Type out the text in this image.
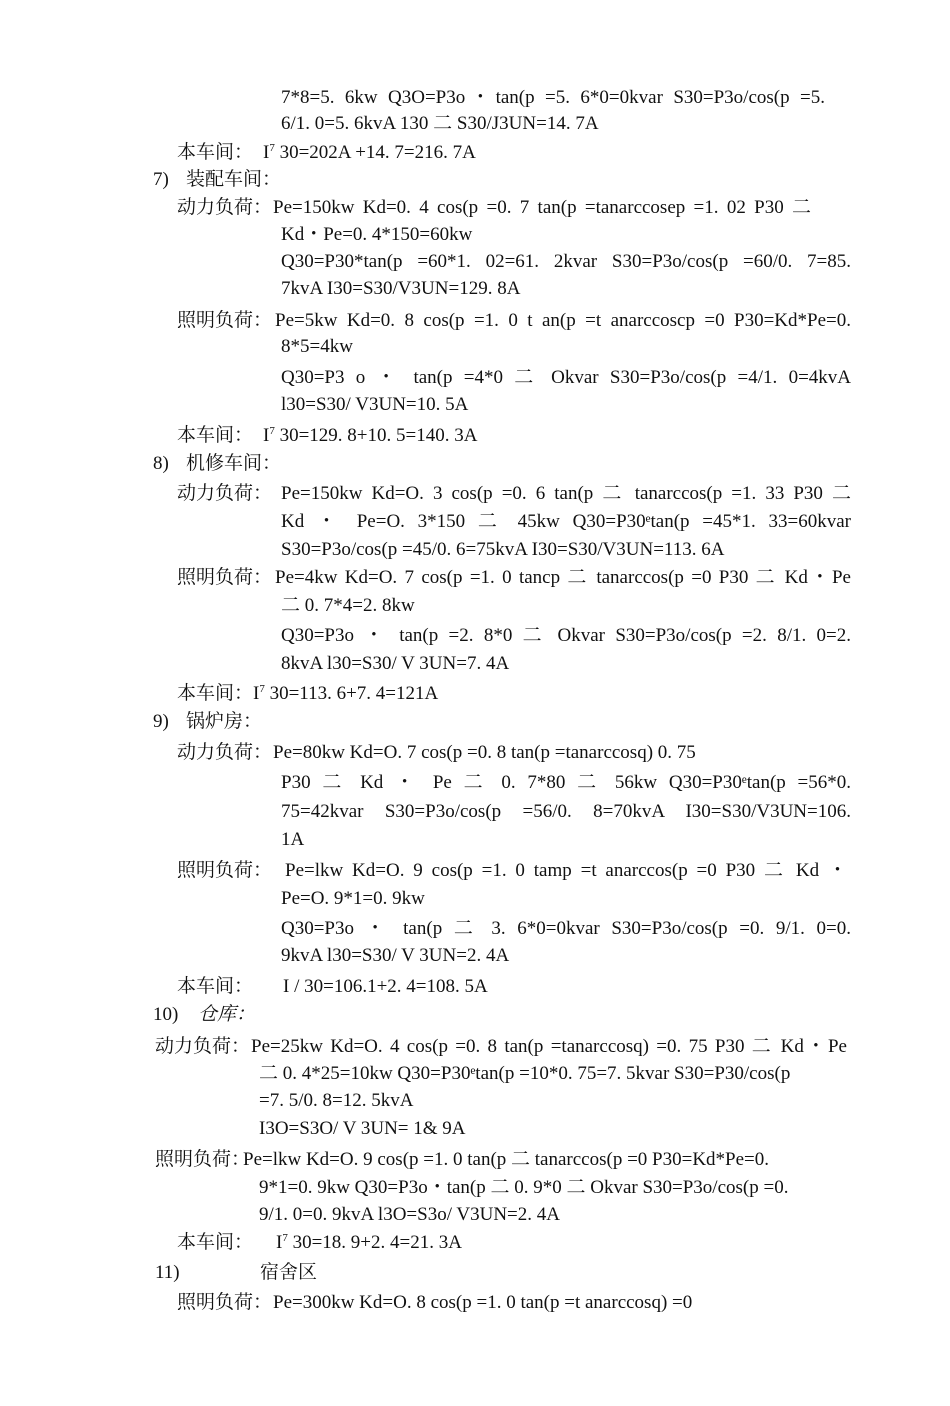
7*8=5. 6kw Q3O=P3o・tan(p =5. 6*0=0kvar S30=P3o/cos(p =5.
6/1. 0=5. 6kvA 130 二 S30/J3UN=14. 7A
本车间： $I^7$ 30=202A +14. 7=216. 7A
7) 装配车间：
动力负荷： Pe=150kw Kd=0. 4 cos(p =0. 7 tan(p =tanarccosep =1. 02 P30 二
Kd・Pe=0. 4*150=60kw
Q30=P30*tan(p =60*1. 02=61. 2kvar S30=P3o/cos(p =60/0. 7=85.
7kvA I30=S30/V3UN=129. 8A
照明负荷： Pe=5kw Kd=0. 8 cos(p =1. 0 t an(p =t anarccoscp =0 P30=Kd*Pe=0.
8*5=4kw
Q30=P3 o ・ tan(p =4*0 二 Okvar S30=P3o/cos(p =4/1. 0=4kvA
l30=S30/ V3UN=10. 5A
本车间： $I^7$ 30=129. 8+10. 5=140. 3A
8) 机修车间：
动力负荷： Pe=150kw Kd=O. 3 cos(p =0. 6 tan(p 二 tanarccos(p =1. 33 P30 二
Kd ・ Pe=O. 3*150 二 45kw Q30=P30ᵉtan(p =45*1. 33=60kvar
S30=P3o/cos(p =45/0. 6=75kvA I30=S30/V3UN=113. 6A
照明负荷： Pe=4kw Kd=O. 7 cos(p =1. 0 tancp 二 tanarccos(p =0 P30 二 Kd・Pe
二 0. 7*4=2. 8kw
Q30=P3o ・ tan(p =2. 8*0 二 Okvar S30=P3o/cos(p =2. 8/1. 0=2.
8kvA l30=S30/ V 3UN=7. 4A
本车间： $I^7$ 30=113. 6+7. 4=121A
9) 锅炉房：
动力负荷： Pe=80kw Kd=O. 7 cos(p =0. 8 tan(p =tanarccosq) 0. 75
P30 二 Kd ・ Pe 二 0. 7*80 二 56kw Q30=P30ᵉtan(p =56*0.
75=42kvar S30=P3o/cos(p =56/0. 8=70kvA I30=S30/V3UN=106.
1A
照明负荷： Pe=lkw Kd=O. 9 cos(p =1. 0 tamp =t anarccos(p =0 P30 二 Kd ・
Pe=O. 9*1=0. 9kw
Q30=P3o ・ tan(p 二 3. 6*0=0kvar S30=P3o/cos(p =0. 9/1. 0=0.
9kvA l30=S30/ V 3UN=2. 4A
本车间： I / 30=106.1+2. 4=108. 5A
10) 仓库：
动力负荷： Pe=25kw Kd=O. 4 cos(p =0. 8 tan(p =tanarccosq) =0. 75 P30 二 Kd・Pe
二 0. 4*25=10kw Q30=P30ᵉtan(p =10*0. 75=7. 5kvar S30=P30/cos(p
=7. 5/0. 8=12. 5kvA
I3O=S3O/ V 3UN= 1& 9A
照明负荷：
Pe=lkw Kd=O. 9 cos(p =1. 0 tan(p 二 tanarccos(p =0 P30=Kd*Pe=0.
9*1=0. 9kw Q30=P3o・tan(p 二 0. 9*0 二 Okvar S30=P3o/cos(p =0.
9/1. 0=0. 9kvA l3O=S3o/ V3UN=2. 4A
本车间： $I^7$ 30=18. 9+2. 4=21. 3A
11)	宿舍区
照明负荷： Pe=300kw Kd=O. 8 cos(p =1. 0 tan(p =t anarccosq) =0
